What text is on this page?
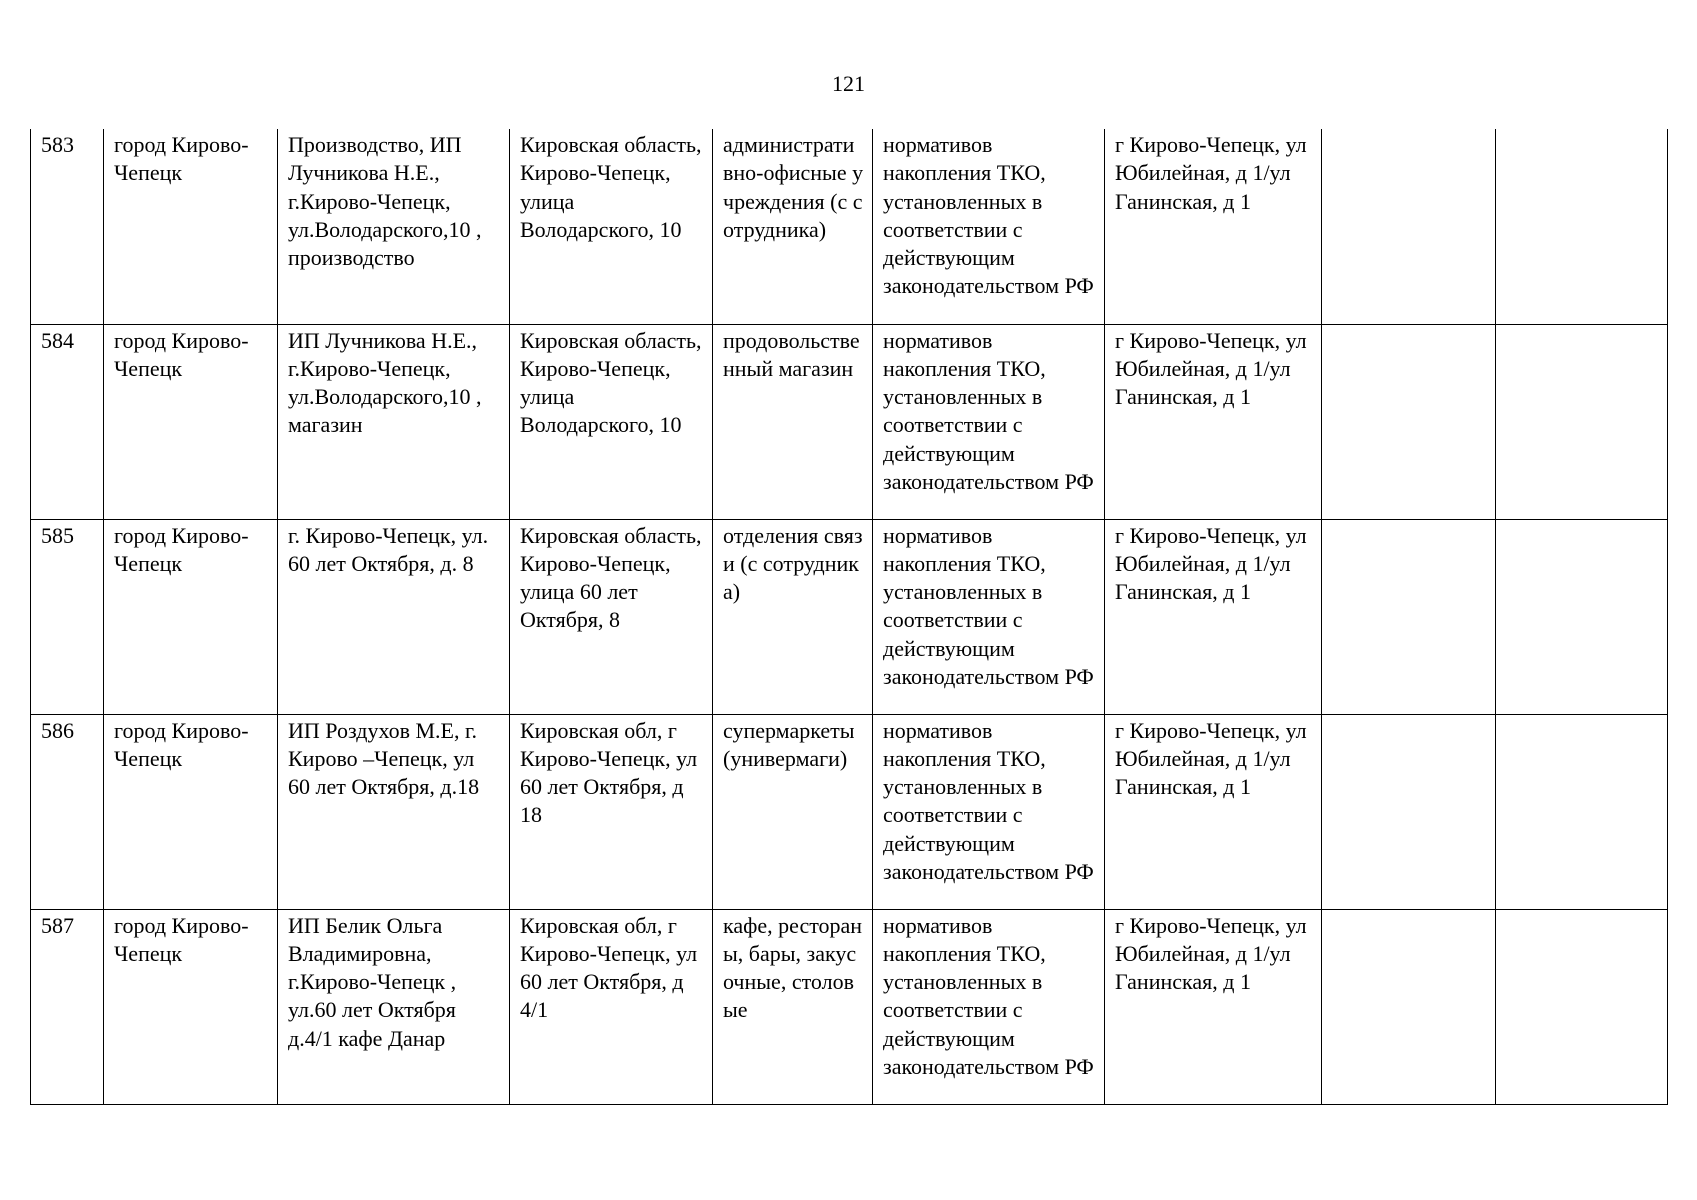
121
583	город Кирово-Чепецк	Производство, ИП Лучникова Н.Е., г.Кирово-Чепецк, ул.Володарского,10 , производство	Кировская область, Кирово-Чепецк, улица Володарского, 10	административно-офисные учреждения (с сотрудника)	нормативов накопления ТКО, установленных в соответствии с действующим законодательством РФ	г Кирово-Чепецк, ул Юбилейная, д 1/ул Ганинская, д 1		
584	город Кирово-Чепецк	ИП Лучникова Н.Е., г.Кирово-Чепецк, ул.Володарского,10 , магазин	Кировская область, Кирово-Чепецк, улица Володарского, 10	продовольственный магазин	нормативов накопления ТКО, установленных в соответствии с действующим законодательством РФ	г Кирово-Чепецк, ул Юбилейная, д 1/ул Ганинская, д 1		
585	город Кирово-Чепецк	г. Кирово-Чепецк, ул. 60 лет Октября, д. 8	Кировская область, Кирово-Чепецк, улица 60 лет Октября, 8	отделения связи (с сотрудника)	нормативов накопления ТКО, установленных в соответствии с действующим законодательством РФ	г Кирово-Чепецк, ул Юбилейная, д 1/ул Ганинская, д 1		
586	город Кирово-Чепецк	ИП Роздухов М.Е, г. Кирово –Чепецк, ул 60 лет Октября, д.18	Кировская обл, г Кирово-Чепецк, ул 60 лет Октября, д 18	супермаркеты (универмаги)	нормативов накопления ТКО, установленных в соответствии с действующим законодательством РФ	г Кирово-Чепецк, ул Юбилейная, д 1/ул Ганинская, д 1		
587	город Кирово-Чепецк	ИП Белик Ольга Владимировна, г.Кирово-Чепецк , ул.60 лет Октября д.4/1 кафе Данар	Кировская обл, г Кирово-Чепецк, ул 60 лет Октября, д 4/1	кафе, рестораны, бары, закусочные, столовые	нормативов накопления ТКО, установленных в соответствии с действующим законодательством РФ	г Кирово-Чепецк, ул Юбилейная, д 1/ул Ганинская, д 1		
